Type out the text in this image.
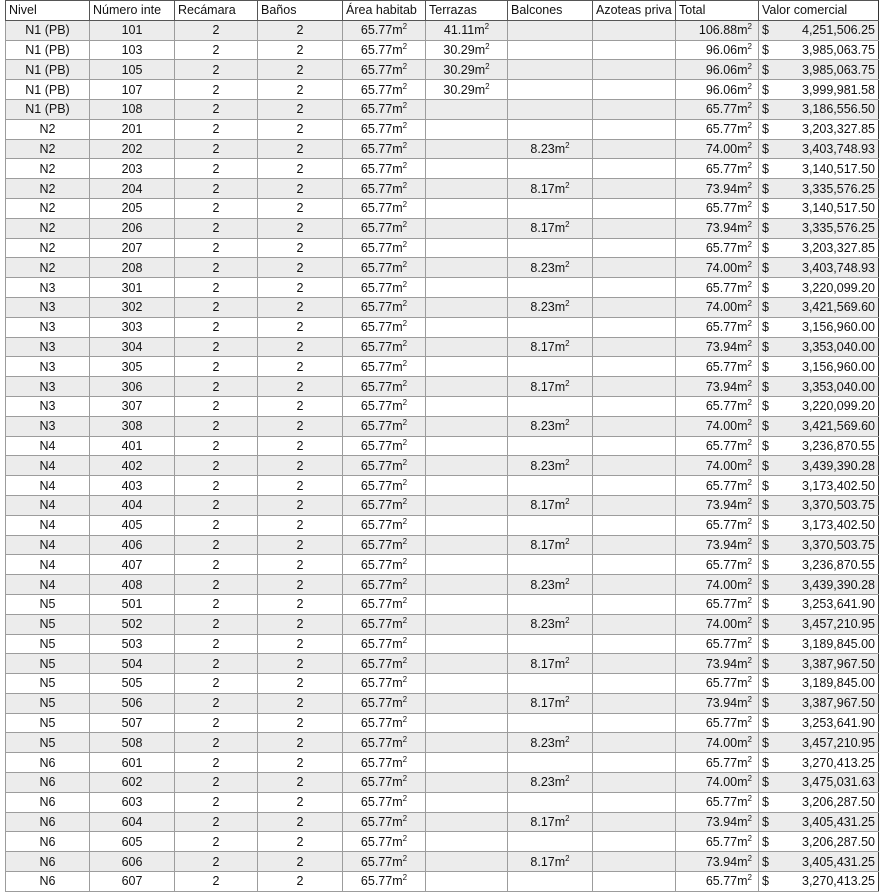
Nivel	Número inte	Recámara	Baños	Área habitab	Terrazas	Balcones	Azoteas priva	Total	Valor comercial
N1 (PB)	101	2	2	$65.77m^2$	$41.11m^2$			$106.88m^2$	$ 4,251,506.25

N1 (PB)	103	2	2	$65.77m^2$	$30.29m^2$			$96.06m^2$	$ 3,985,063.75

N1 (PB)	105	2	2	$65.77m^2$	$30.29m^2$			$96.06m^2$	$ 3,985,063.75

N1 (PB)	107	2	2	$65.77m^2$	$30.29m^2$			$96.06m^2$	$ 3,999,981.58

N1 (PB)	108	2	2	$65.77m^2$				$65.77m^2$	$ 3,186,556.50

N2	201	2	2	$65.77m^2$				$65.77m^2$	$ 3,203,327.85

N2	202	2	2	$65.77m^2$		$8.23m^2$		$74.00m^2$	$ 3,403,748.93

N2	203	2	2	$65.77m^2$				$65.77m^2$	$ 3,140,517.50

N2	204	2	2	$65.77m^2$		$8.17m^2$		$73.94m^2$	$ 3,335,576.25

N2	205	2	2	$65.77m^2$				$65.77m^2$	$ 3,140,517.50

N2	206	2	2	$65.77m^2$		$8.17m^2$		$73.94m^2$	$ 3,335,576.25

N2	207	2	2	$65.77m^2$				$65.77m^2$	$ 3,203,327.85

N2	208	2	2	$65.77m^2$		$8.23m^2$		$74.00m^2$	$ 3,403,748.93

N3	301	2	2	$65.77m^2$				$65.77m^2$	$ 3,220,099.20

N3	302	2	2	$65.77m^2$		$8.23m^2$		$74.00m^2$	$ 3,421,569.60

N3	303	2	2	$65.77m^2$				$65.77m^2$	$ 3,156,960.00

N3	304	2	2	$65.77m^2$		$8.17m^2$		$73.94m^2$	$ 3,353,040.00

N3	305	2	2	$65.77m^2$				$65.77m^2$	$ 3,156,960.00

N3	306	2	2	$65.77m^2$		$8.17m^2$		$73.94m^2$	$ 3,353,040.00

N3	307	2	2	$65.77m^2$				$65.77m^2$	$ 3,220,099.20

N3	308	2	2	$65.77m^2$		$8.23m^2$		$74.00m^2$	$ 3,421,569.60

N4	401	2	2	$65.77m^2$				$65.77m^2$	$ 3,236,870.55

N4	402	2	2	$65.77m^2$		$8.23m^2$		$74.00m^2$	$ 3,439,390.28

N4	403	2	2	$65.77m^2$				$65.77m^2$	$ 3,173,402.50

N4	404	2	2	$65.77m^2$		$8.17m^2$		$73.94m^2$	$ 3,370,503.75

N4	405	2	2	$65.77m^2$				$65.77m^2$	$ 3,173,402.50

N4	406	2	2	$65.77m^2$		$8.17m^2$		$73.94m^2$	$ 3,370,503.75

N4	407	2	2	$65.77m^2$				$65.77m^2$	$ 3,236,870.55

N4	408	2	2	$65.77m^2$		$8.23m^2$		$74.00m^2$	$ 3,439,390.28

N5	501	2	2	$65.77m^2$				$65.77m^2$	$ 3,253,641.90

N5	502	2	2	$65.77m^2$		$8.23m^2$		$74.00m^2$	$ 3,457,210.95

N5	503	2	2	$65.77m^2$				$65.77m^2$	$ 3,189,845.00

N5	504	2	2	$65.77m^2$		$8.17m^2$		$73.94m^2$	$ 3,387,967.50

N5	505	2	2	$65.77m^2$				$65.77m^2$	$ 3,189,845.00

N5	506	2	2	$65.77m^2$		$8.17m^2$		$73.94m^2$	$ 3,387,967.50

N5	507	2	2	$65.77m^2$				$65.77m^2$	$ 3,253,641.90

N5	508	2	2	$65.77m^2$		$8.23m^2$		$74.00m^2$	$ 3,457,210.95

N6	601	2	2	$65.77m^2$				$65.77m^2$	$ 3,270,413.25

N6	602	2	2	$65.77m^2$		$8.23m^2$		$74.00m^2$	$ 3,475,031.63

N6	603	2	2	$65.77m^2$				$65.77m^2$	$ 3,206,287.50

N6	604	2	2	$65.77m^2$		$8.17m^2$		$73.94m^2$	$ 3,405,431.25

N6	605	2	2	$65.77m^2$				$65.77m^2$	$ 3,206,287.50

N6	606	2	2	$65.77m^2$		$8.17m^2$		$73.94m^2$	$ 3,405,431.25

N6	607	2	2	$65.77m^2$				$65.77m^2$	$ 3,270,413.25
